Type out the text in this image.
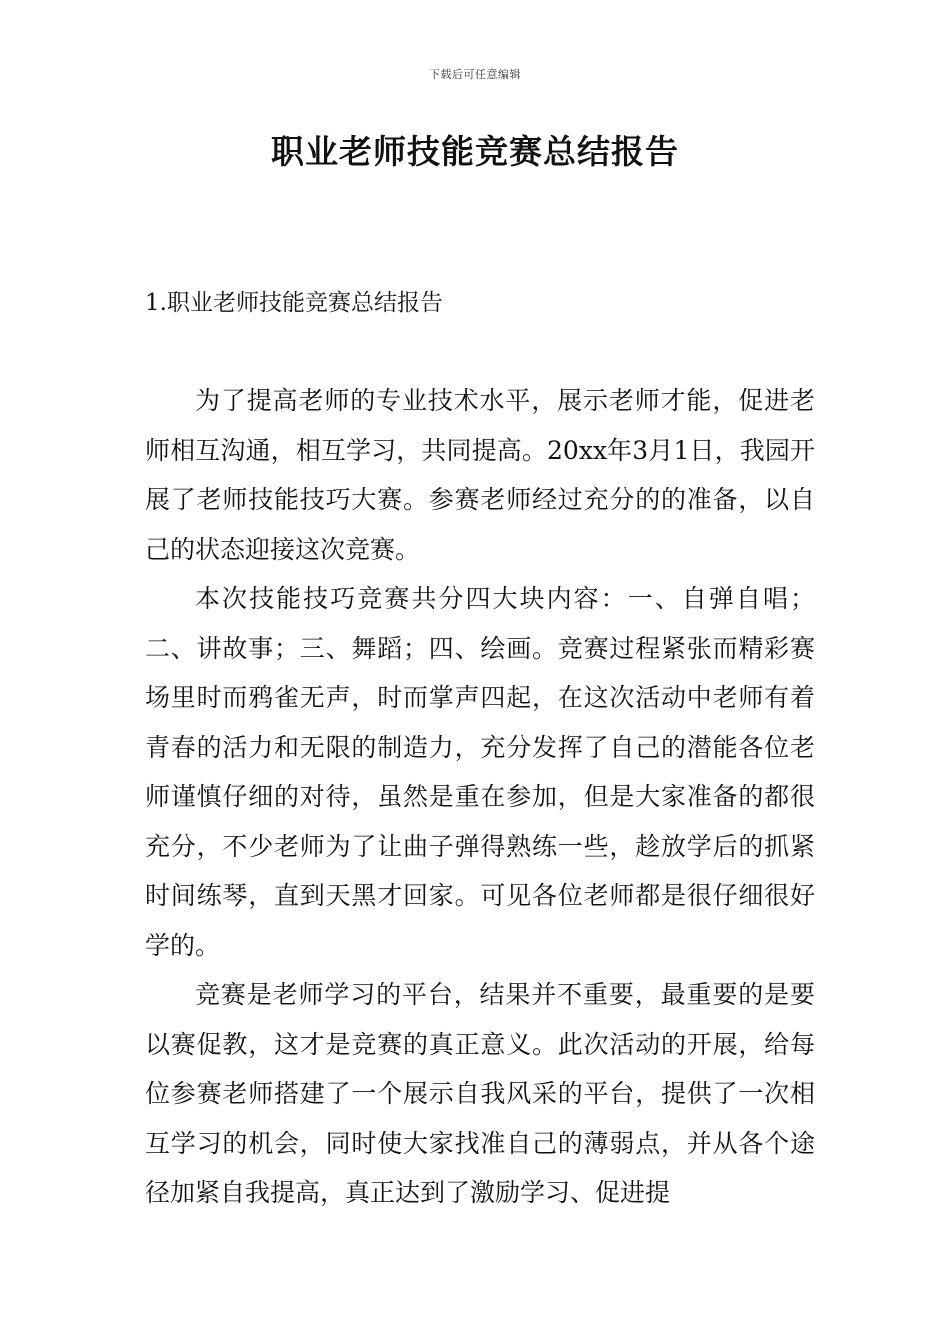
下载后可任意编辑
职业老师技能竞赛总结报告
1.职业老师技能竞赛总结报告

为了提高老师的专业技术水平，展示老师才能，促进老师相互沟通，相互学习，共同提高。20xx年3月1日，我园开展了老师技能技巧大赛。参赛老师经过充分的的准备，以自己的状态迎接这次竞赛。

本次技能技巧竞赛共分四大块内容：一、自弹自唱；二、讲故事；三、舞蹈；四、绘画。竞赛过程紧张而精彩赛场里时而鸦雀无声，时而掌声四起，在这次活动中老师有着青春的活力和无限的制造力，充分发挥了自己的潜能各位老师谨慎仔细的对待，虽然是重在参加，但是大家准备的都很充分，不少老师为了让曲子弹得熟练一些，趁放学后的抓紧时间练琴，直到天黑才回家。可见各位老师都是很仔细很好学的。

竞赛是老师学习的平台，结果并不重要，最重要的是要以赛促教，这才是竞赛的真正意义。此次活动的开展，给每位参赛老师搭建了一个展示自我风采的平台，提供了一次相互学习的机会，同时使大家找准自己的薄弱点，并从各个途径加紧自我提高，真正达到了激励学习、促进提
